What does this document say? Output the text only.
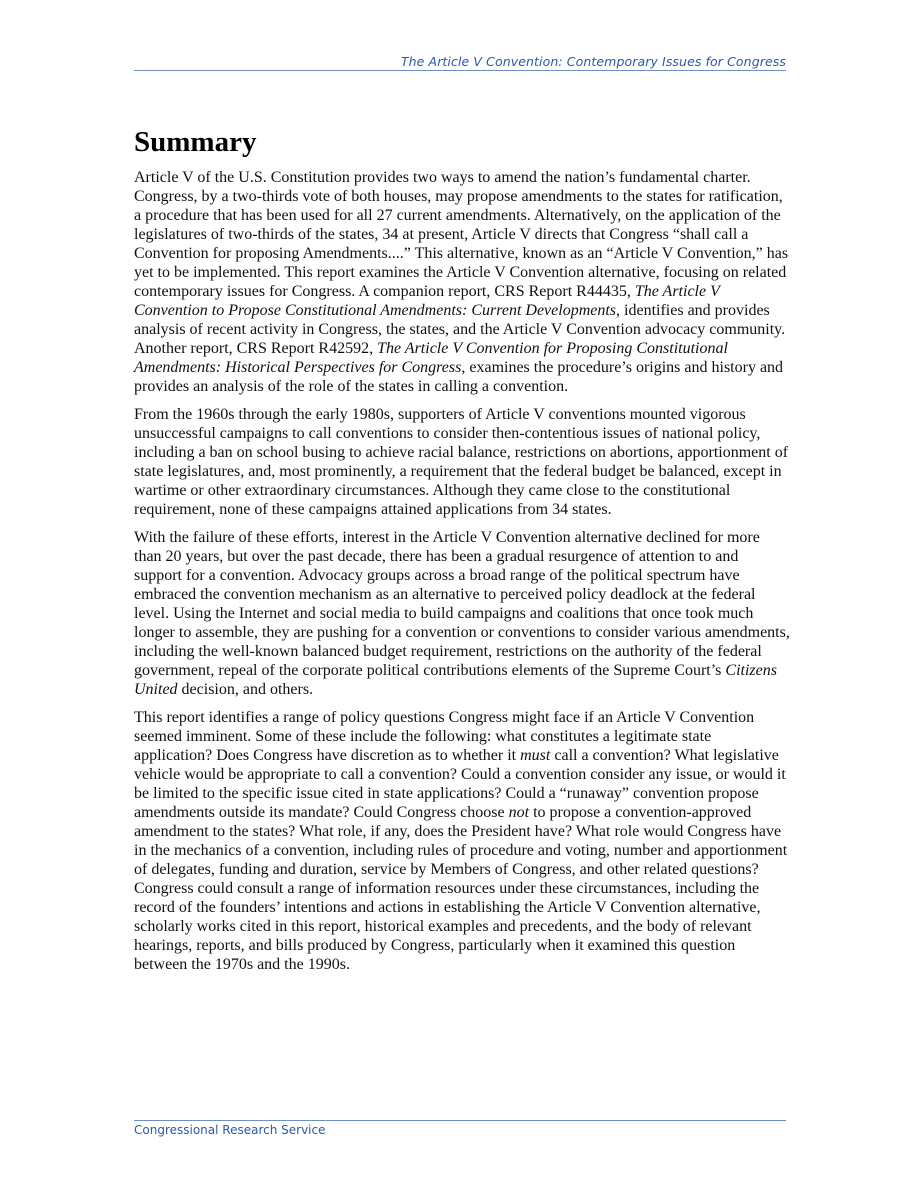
The Article V Convention: Contemporary Issues for Congress
Summary

Article V of the U.S. Constitution provides two ways to amend the nation’s fundamental charter. Congress, by a two-thirds vote of both houses, may propose amendments to the states for ratification, a procedure that has been used for all 27 current amendments. Alternatively, on the application of the legislatures of two-thirds of the states, 34 at present, Article V directs that Congress “shall call a Convention for proposing Amendments....” This alternative, known as an “Article V Convention,” has yet to be implemented. This report examines the Article V Convention alternative, focusing on related contemporary issues for Congress. A companion report, CRS Report R44435, The Article V Convention to Propose Constitutional Amendments: Current Developments, identifies and provides analysis of recent activity in Congress, the states, and the Article V Convention advocacy community. Another report, CRS Report R42592, The Article V Convention for Proposing Constitutional Amendments: Historical Perspectives for Congress, examines the procedure’s origins and history and provides an analysis of the role of the states in calling a convention.

From the 1960s through the early 1980s, supporters of Article V conventions mounted vigorous unsuccessful campaigns to call conventions to consider then-contentious issues of national policy, including a ban on school busing to achieve racial balance, restrictions on abortions, apportionment of state legislatures, and, most prominently, a requirement that the federal budget be balanced, except in wartime or other extraordinary circumstances. Although they came close to the constitutional requirement, none of these campaigns attained applications from 34 states.

With the failure of these efforts, interest in the Article V Convention alternative declined for more than 20 years, but over the past decade, there has been a gradual resurgence of attention to and support for a convention. Advocacy groups across a broad range of the political spectrum have embraced the convention mechanism as an alternative to perceived policy deadlock at the federal level. Using the Internet and social media to build campaigns and coalitions that once took much longer to assemble, they are pushing for a convention or conventions to consider various amendments, including the well-known balanced budget requirement, restrictions on the authority of the federal government, repeal of the corporate political contributions elements of the Supreme Court’s Citizens United decision, and others.

This report identifies a range of policy questions Congress might face if an Article V Convention seemed imminent. Some of these include the following: what constitutes a legitimate state application? Does Congress have discretion as to whether it must call a convention? What legislative vehicle would be appropriate to call a convention? Could a convention consider any issue, or would it be limited to the specific issue cited in state applications? Could a “runaway” convention propose amendments outside its mandate? Could Congress choose not to propose a convention-approved amendment to the states? What role, if any, does the President have? What role would Congress have in the mechanics of a convention, including rules of procedure and voting, number and apportionment of delegates, funding and duration, service by Members of Congress, and other related questions? Congress could consult a range of information resources under these circumstances, including the record of the founders’ intentions and actions in establishing the Article V Convention alternative, scholarly works cited in this report, historical examples and precedents, and the body of relevant hearings, reports, and bills produced by Congress, particularly when it examined this question between the 1970s and the 1990s.

Congressional Research Service
